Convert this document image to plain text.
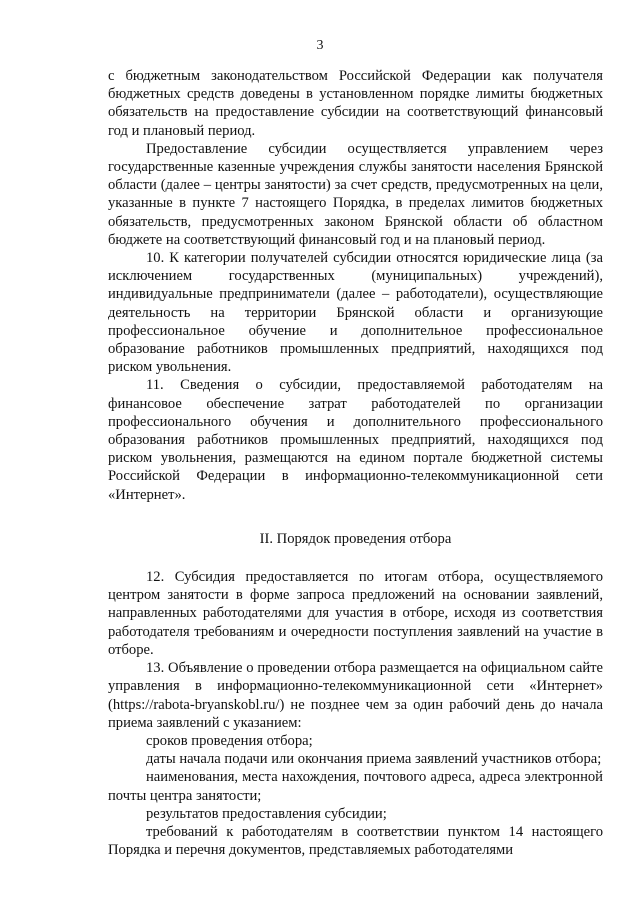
3

с бюджетным законодательством Российской Федерации как получателя бюджетных средств доведены в установленном порядке лимиты бюджетных обязательств на предоставление субсидии на соответствующий финансовый год и плановый период.

Предоставление субсидии осуществляется управлением через государственные казенные учреждения службы занятости населения Брянской области (далее – центры занятости) за счет средств, предусмотренных на цели, указанные в пункте 7 настоящего Порядка, в пределах лимитов бюджетных обязательств, предусмотренных законом Брянской области об областном бюджете на соответствующий финансовый год и на плановый период.

10. К категории получателей субсидии относятся юридические лица (за исключением государственных (муниципальных) учреждений), индивидуальные предприниматели (далее – работодатели), осуществляющие деятельность на территории Брянской области и организующие профессиональное обучение и дополнительное профессиональное образование работников промышленных предприятий, находящихся под риском увольнения.

11. Сведения о субсидии, предоставляемой работодателям на финансовое обеспечение затрат работодателей по организации профессионального обучения и дополнительного профессионального образования работников промышленных предприятий, находящихся под риском увольнения, размещаются на едином портале бюджетной системы Российской Федерации в информационно-телекоммуникационной сети «Интернет».

II. Порядок проведения отбора

12. Субсидия предоставляется по итогам отбора, осуществляемого центром занятости в форме запроса предложений на основании заявлений, направленных работодателями для участия в отборе, исходя из соответствия работодателя требованиям и очередности поступления заявлений на участие в отборе.

13. Объявление о проведении отбора размещается на официальном сайте управления в информационно-телекоммуникационной сети «Интернет» (https://rabota-bryanskobl.ru/) не позднее чем за один рабочий день до начала приема заявлений с указанием:

сроков проведения отбора;

даты начала подачи или окончания приема заявлений участников отбора;

наименования, места нахождения, почтового адреса, адреса электронной почты центра занятости;

результатов предоставления субсидии;

требований к работодателям в соответствии пунктом 14 настоящего Порядка и перечня документов, представляемых работодателями
